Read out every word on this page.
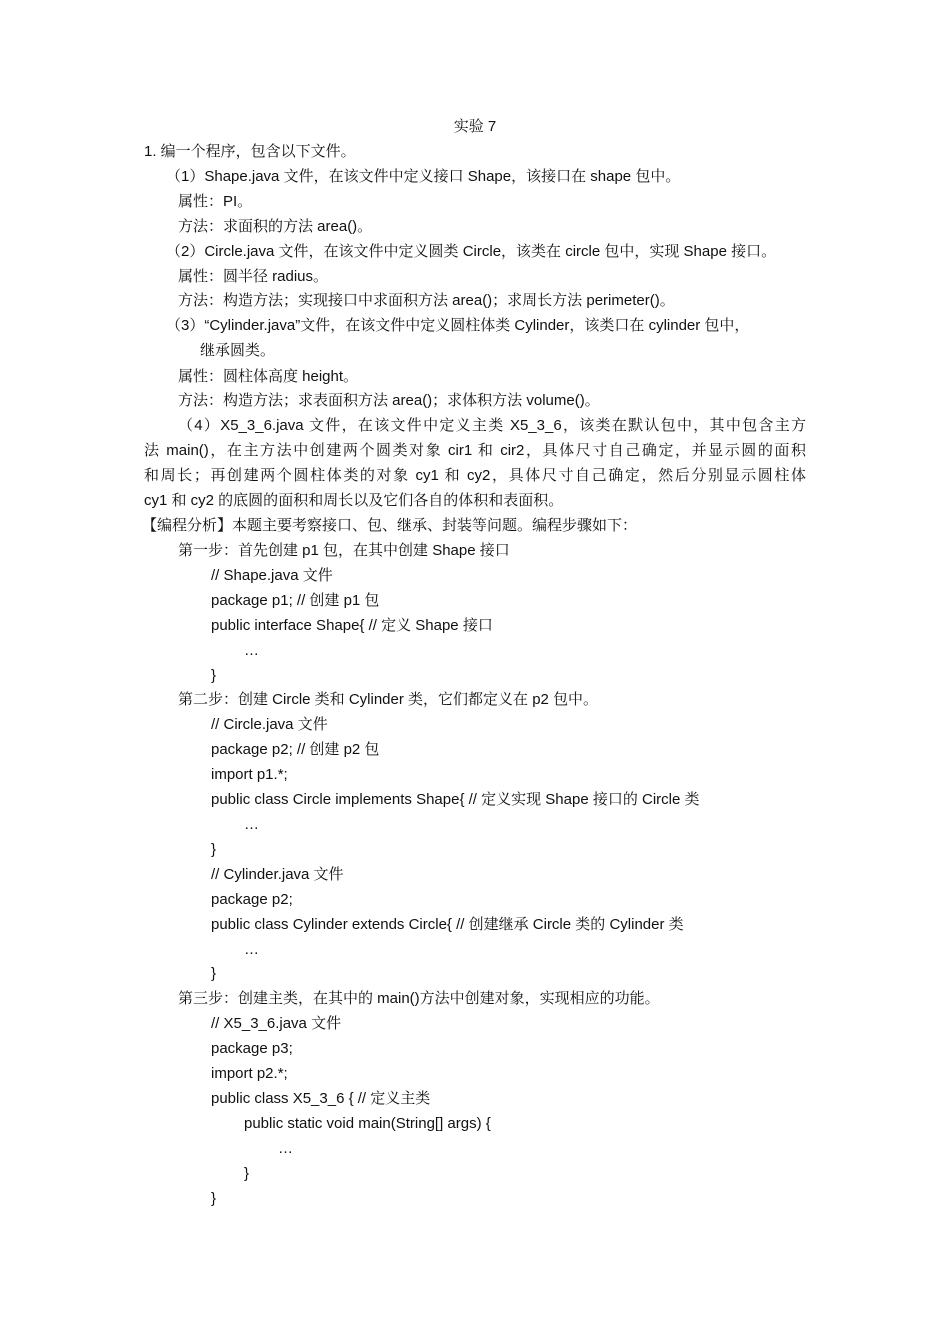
实验 7
1. 编一个程序，包含以下文件。
（1）Shape.java 文件，在该文件中定义接口 Shape，该接口在 shape 包中。
属性：PI。
方法：求面积的方法 area()。
（2）Circle.java 文件，在该文件中定义圆类 Circle，该类在 circle 包中，实现 Shape 接口。
属性：圆半径 radius。
方法：构造方法；实现接口中求面积方法 area()；求周长方法 perimeter()。
（3）“Cylinder.java”文件，在该文件中定义圆柱体类 Cylinder，该类口在 cylinder 包中，
继承圆类。
属性：圆柱体高度 height。
方法：构造方法；求表面积方法 area()；求体积方法 volume()。
（4）X5_3_6.java 文件，在该文件中定义主类 X5_3_6，该类在默认包中，其中包含主方
法 main()，在主方法中创建两个圆类对象 cir1 和 cir2，具体尺寸自己确定，并显示圆的面积
和周长；再创建两个圆柱体类的对象 cy1 和 cy2，具体尺寸自己确定，然后分别显示圆柱体
cy1 和 cy2 的底圆的面积和周长以及它们各自的体积和表面积。
【编程分析】本题主要考察接口、包、继承、封装等问题。编程步骤如下：
第一步：首先创建 p1 包，在其中创建 Shape 接口
// Shape.java 文件
package p1; // 创建 p1 包
public interface Shape{ // 定义 Shape 接口
…
}
第二步：创建 Circle 类和 Cylinder 类，它们都定义在 p2 包中。
// Circle.java 文件
package p2; // 创建 p2 包
import p1.*;
public class Circle implements Shape{ // 定义实现 Shape 接口的 Circle 类
…
}
// Cylinder.java 文件
package p2;
public class Cylinder extends Circle{ // 创建继承 Circle 类的 Cylinder 类
…
}
第三步：创建主类，在其中的 main()方法中创建对象，实现相应的功能。
// X5_3_6.java 文件
package p3;
import p2.*;
public class X5_3_6 { // 定义主类
public static void main(String[] args) {
…
}
}
